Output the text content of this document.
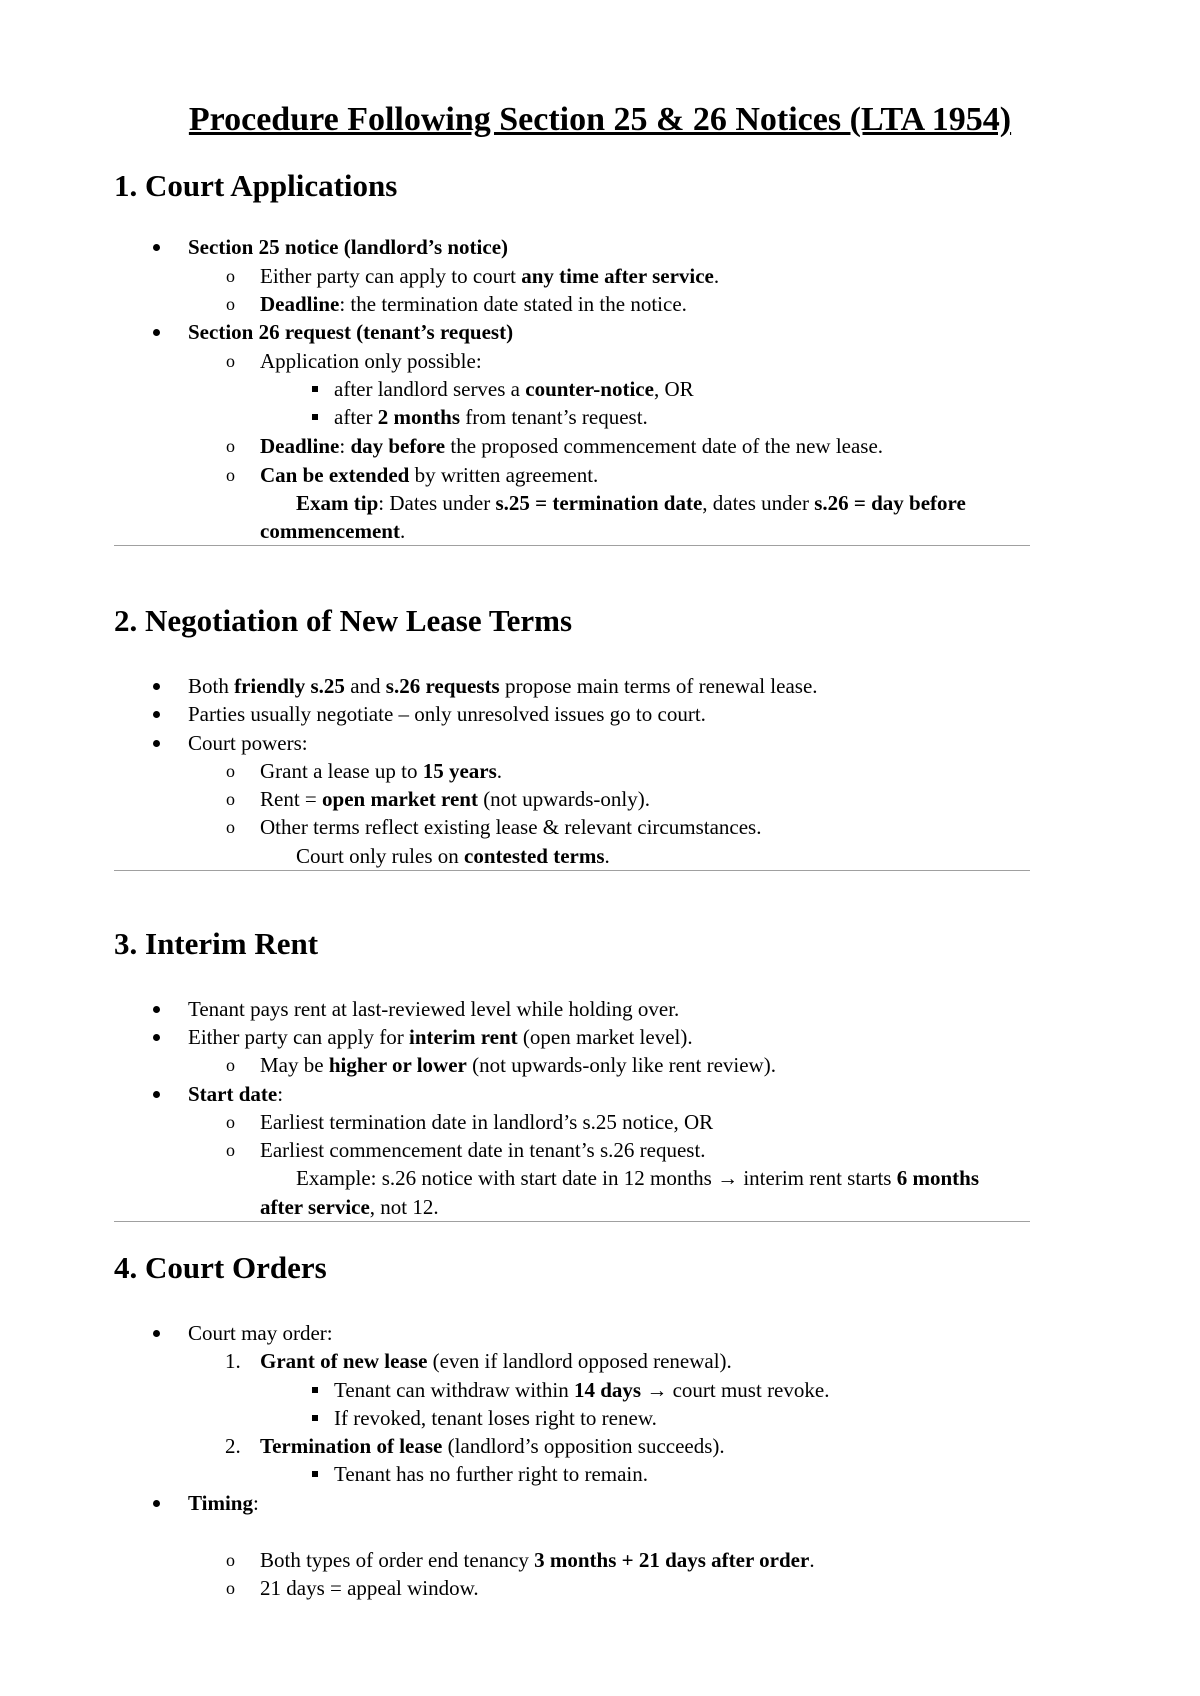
Procedure Following Section 25 & 26 Notices (LTA 1954)
1. Court Applications
Section 25 notice (landlord’s notice)
o Either party can apply to court any time after service.
o Deadline: the termination date stated in the notice.
Section 26 request (tenant’s request)
o Application only possible:
after landlord serves a counter-notice, OR
after 2 months from tenant’s request.
o Deadline: day before the proposed commencement date of the new lease.
o Can be extended by written agreement.
Exam tip: Dates under s.25 = termination date, dates under s.26 = day before
commencement.
2. Negotiation of New Lease Terms
Both friendly s.25 and s.26 requests propose main terms of renewal lease.
Parties usually negotiate – only unresolved issues go to court.
Court powers:
o Grant a lease up to 15 years.
o Rent = open market rent (not upwards-only).
o Other terms reflect existing lease & relevant circumstances.
Court only rules on contested terms.
3. Interim Rent
Tenant pays rent at last-reviewed level while holding over.
Either party can apply for interim rent (open market level).
o May be higher or lower (not upwards-only like rent review).
Start date:
o Earliest termination date in landlord’s s.25 notice, OR
o Earliest commencement date in tenant’s s.26 request.
Example: s.26 notice with start date in 12 months → interim rent starts 6 months
after service, not 12.
4. Court Orders
Court may order:
1. Grant of new lease (even if landlord opposed renewal).
Tenant can withdraw within 14 days → court must revoke.
If revoked, tenant loses right to renew.
2. Termination of lease (landlord’s opposition succeeds).
Tenant has no further right to remain.
Timing:
o Both types of order end tenancy 3 months + 21 days after order.
o 21 days = appeal window.
